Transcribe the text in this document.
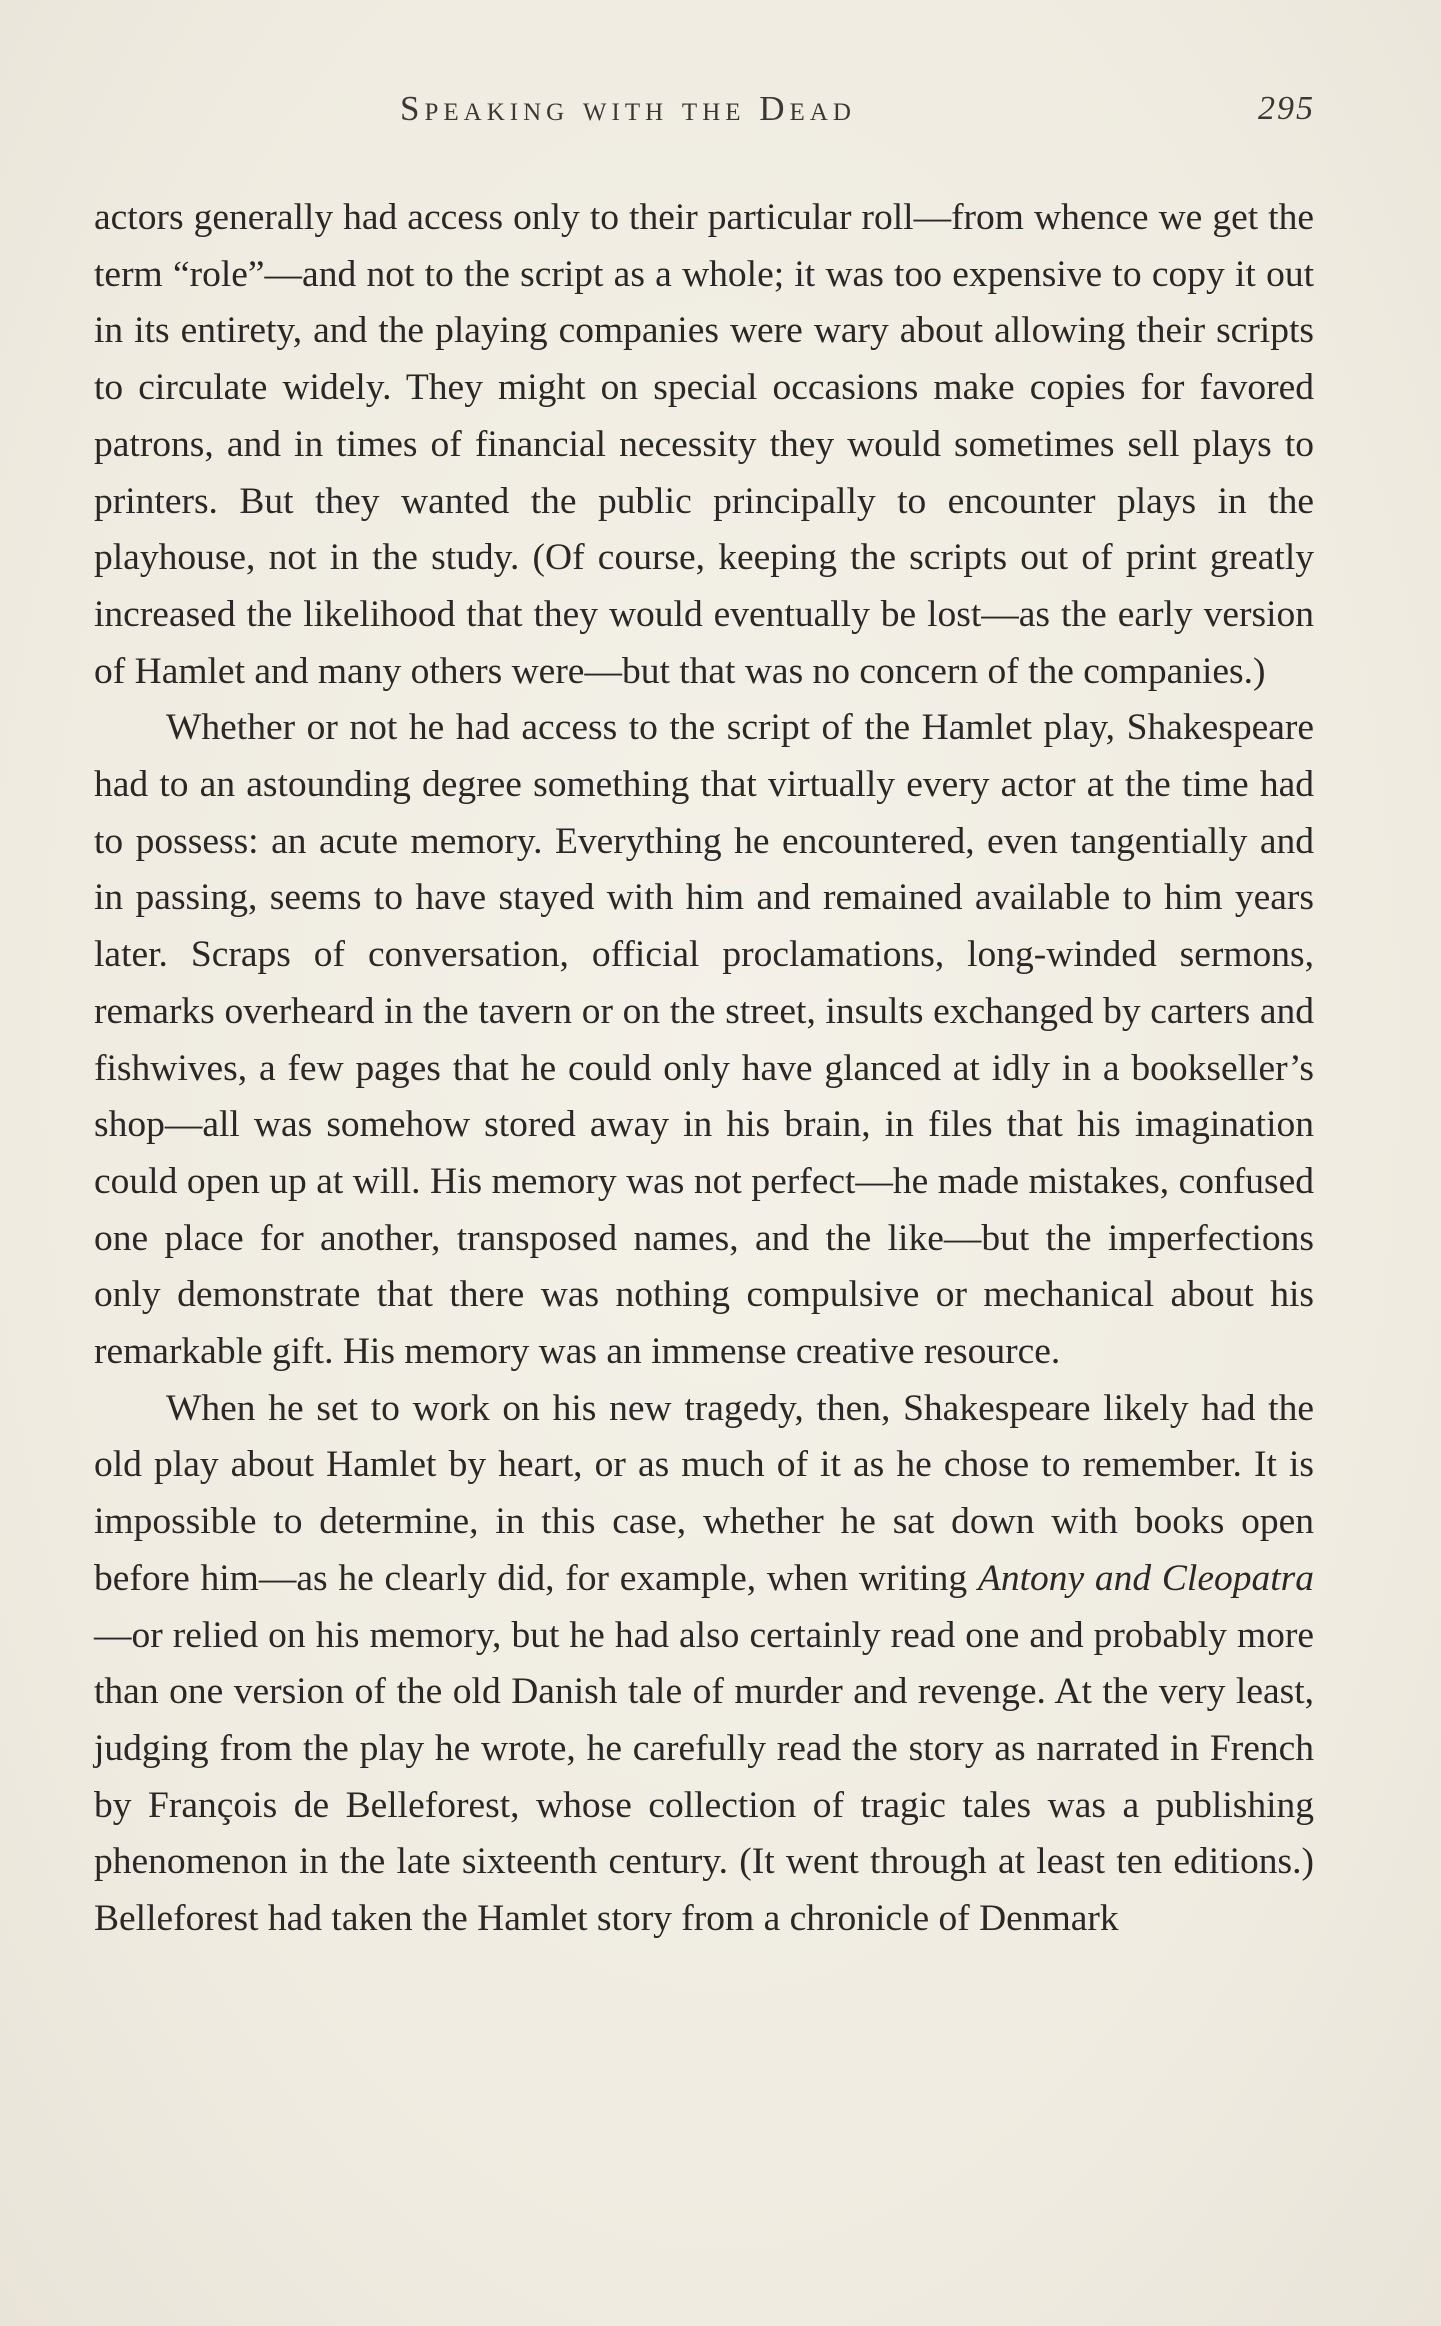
Speaking with the Dead	295

actors generally had access only to their particular roll—from whence we get the term “role”—and not to the script as a whole; it was too expensive to copy it out in its entirety, and the playing companies were wary about allowing their scripts to circulate widely. They might on special occasions make copies for favored patrons, and in times of financial necessity they would sometimes sell plays to printers. But they wanted the public principally to encounter plays in the playhouse, not in the study. (Of course, keeping the scripts out of print greatly increased the likelihood that they would eventually be lost—as the early version of Hamlet and many others were—but that was no concern of the companies.)

Whether or not he had access to the script of the Hamlet play, Shakespeare had to an astounding degree something that virtually every actor at the time had to possess: an acute memory. Everything he encountered, even tangentially and in passing, seems to have stayed with him and remained available to him years later. Scraps of conversation, official proclamations, long-winded sermons, remarks overheard in the tavern or on the street, insults exchanged by carters and fishwives, a few pages that he could only have glanced at idly in a bookseller’s shop—all was somehow stored away in his brain, in files that his imagination could open up at will. His memory was not perfect—he made mistakes, confused one place for another, transposed names, and the like—but the imperfections only demonstrate that there was nothing compulsive or mechanical about his remarkable gift. His memory was an immense creative resource.

When he set to work on his new tragedy, then, Shakespeare likely had the old play about Hamlet by heart, or as much of it as he chose to remember. It is impossible to determine, in this case, whether he sat down with books open before him—as he clearly did, for example, when writing Antony and Cleopatra—or relied on his memory, but he had also certainly read one and probably more than one version of the old Danish tale of murder and revenge. At the very least, judging from the play he wrote, he carefully read the story as narrated in French by François de Belleforest, whose collection of tragic tales was a publishing phenomenon in the late sixteenth century. (It went through at least ten editions.) Belleforest had taken the Hamlet story from a chronicle of Denmark
